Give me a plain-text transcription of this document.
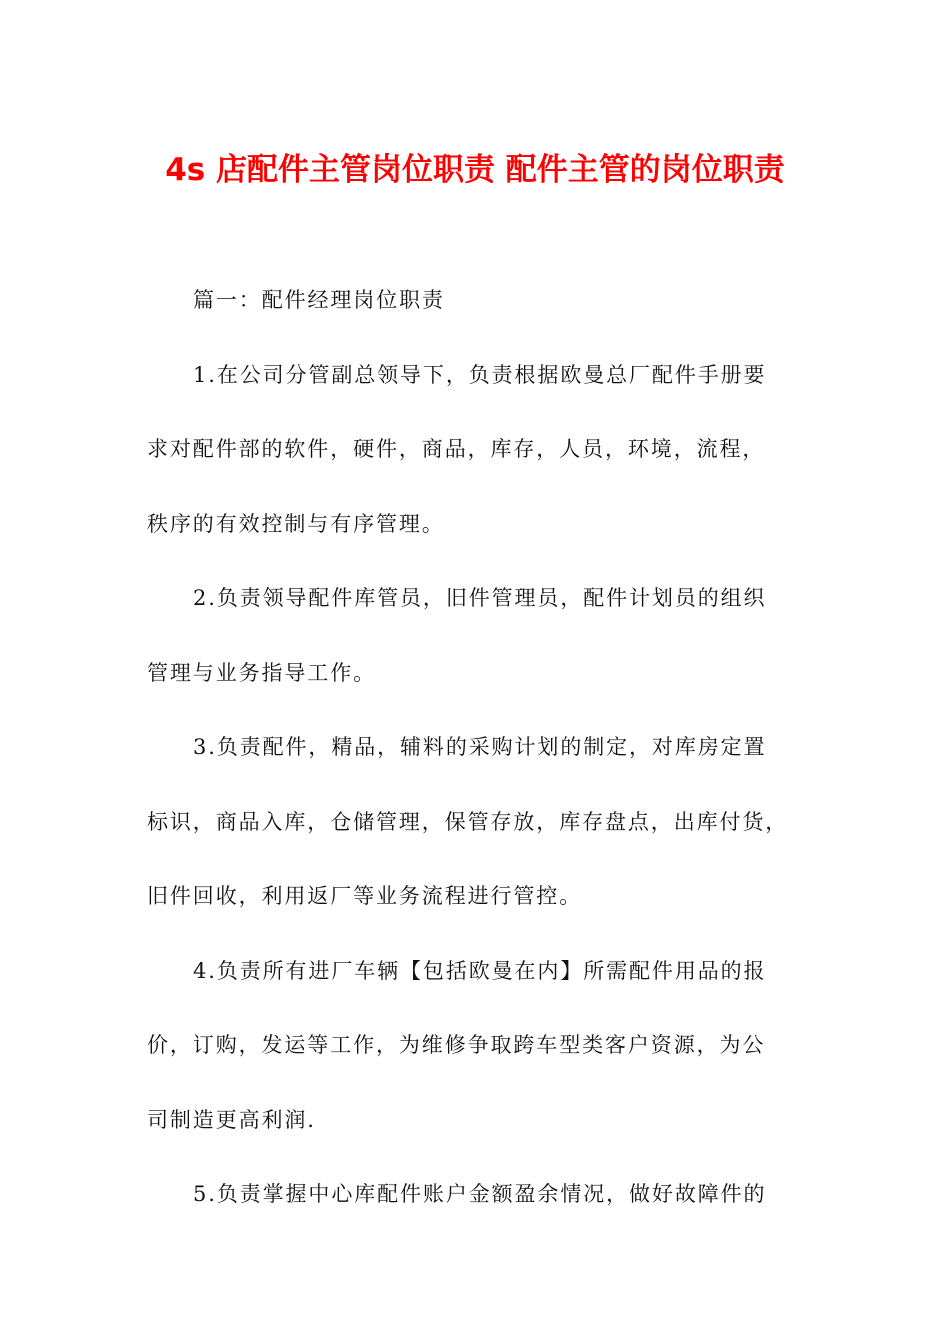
4s 店配件主管岗位职责 配件主管的岗位职责
篇一：配件经理岗位职责
1.在公司分管副总领导下，负责根据欧曼总厂配件手册要
求对配件部的软件，硬件，商品，库存，人员，环境，流程，
秩序的有效控制与有序管理。
2.负责领导配件库管员，旧件管理员，配件计划员的组织
管理与业务指导工作。
3.负责配件，精品，辅料的采购计划的制定，对库房定置
标识，商品入库，仓储管理，保管存放，库存盘点，出库付货，
旧件回收，利用返厂等业务流程进行管控。
4.负责所有进厂车辆【包括欧曼在内】所需配件用品的报
价，订购，发运等工作，为维修争取跨车型类客户资源，为公
司制造更高利润.
5.负责掌握中心库配件账户金额盈余情况，做好故障件的
